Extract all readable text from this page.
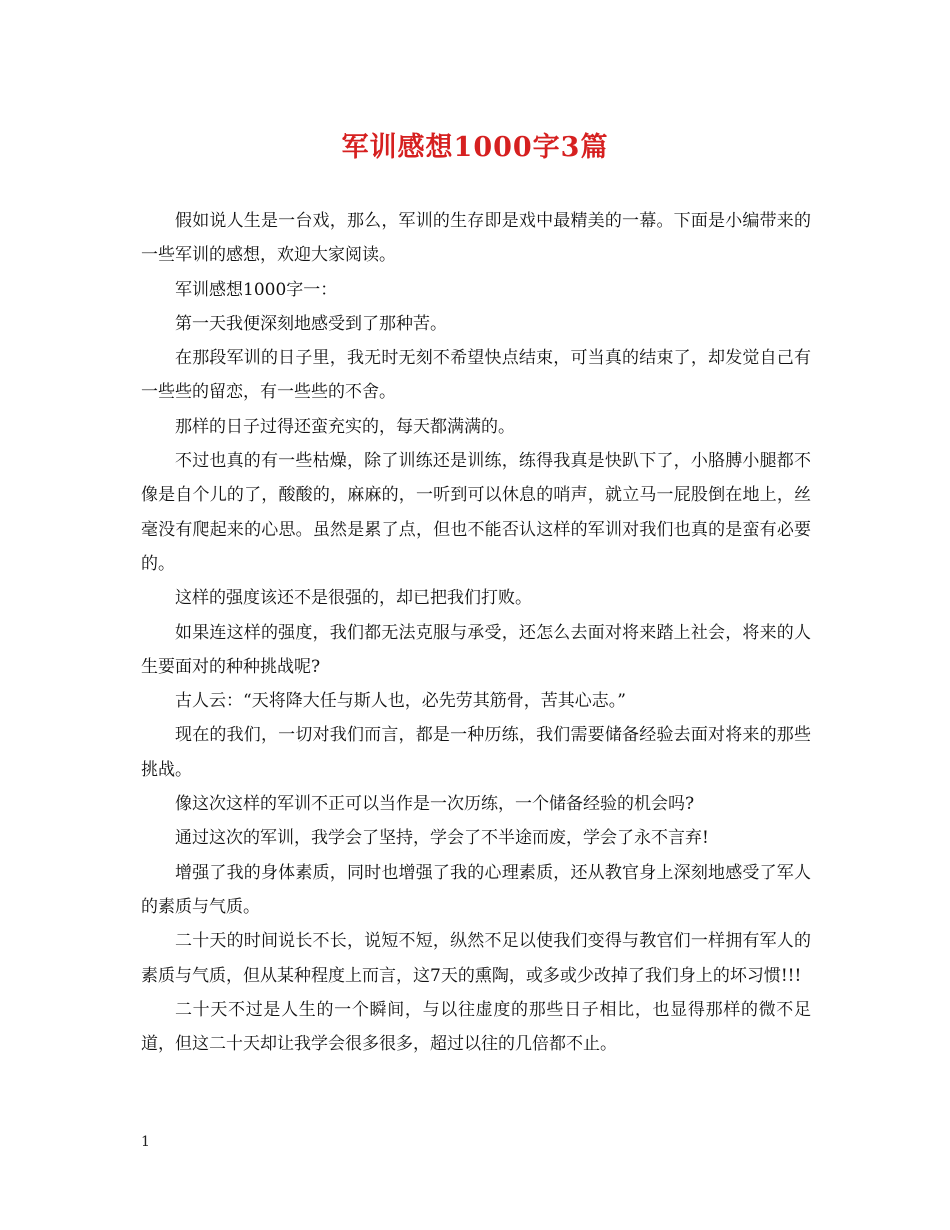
军训感想1000字3篇

假如说人生是一台戏，那么，军训的生存即是戏中最精美的一幕。下面是小编带来的一些军训的感想，欢迎大家阅读。

军训感想1000字一：

第一天我便深刻地感受到了那种苦。

在那段军训的日子里，我无时无刻不希望快点结束，可当真的结束了，却发觉自己有一些些的留恋，有一些些的不舍。

那样的日子过得还蛮充实的，每天都满满的。

不过也真的有一些枯燥，除了训练还是训练，练得我真是快趴下了，小胳膊小腿都不像是自个儿的了，酸酸的，麻麻的，一听到可以休息的哨声，就立马一屁股倒在地上，丝毫没有爬起来的心思。虽然是累了点，但也不能否认这样的军训对我们也真的是蛮有必要的。

这样的强度该还不是很强的，却已把我们打败。

如果连这样的强度，我们都无法克服与承受，还怎么去面对将来踏上社会，将来的人生要面对的种种挑战呢?

古人云：“天将降大任与斯人也，必先劳其筋骨，苦其心志。”

现在的我们，一切对我们而言，都是一种历练，我们需要储备经验去面对将来的那些挑战。

像这次这样的军训不正可以当作是一次历练，一个储备经验的机会吗?

通过这次的军训，我学会了坚持，学会了不半途而废，学会了永不言弃!

增强了我的身体素质，同时也增强了我的心理素质，还从教官身上深刻地感受了军人的素质与气质。

二十天的时间说长不长，说短不短，纵然不足以使我们变得与教官们一样拥有军人的素质与气质，但从某种程度上而言，这7天的熏陶，或多或少改掉了我们身上的坏习惯!!!

二十天不过是人生的一个瞬间，与以往虚度的那些日子相比，也显得那样的微不足道，但这二十天却让我学会很多很多，超过以往的几倍都不止。

1
